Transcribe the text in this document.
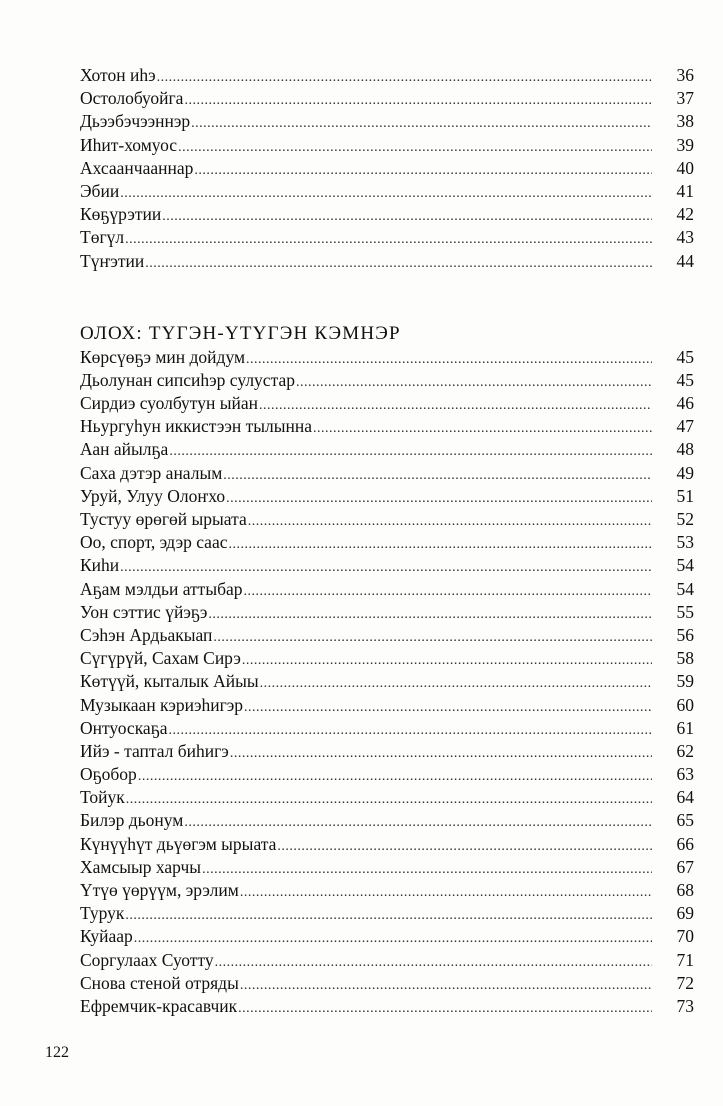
Хотон иһэ .....	36
Остолобуойга .....	37
Дьээбэчээннэр .....	38
Иһит-хомуос .....	39
Ахсаанчааннар .....	40
Эбии .....	41
Көҕүрэтии .....	42
Төгүл .....	43
Түҥэтии .....	44
ОЛОХ: ТҮГЭН-ҮТҮГЭН КЭМНЭР
Көрсүөҕэ мин дойдум .....	45
Дьолунан сипсиһэр сулустар .....	45
Сирдиэ суолбутун ыйан .....	46
Ньургуһун иккистээн тылынна .....	47
Аан айылҕа .....	48
Саха дэтэр аналым .....	49
Уруй, Улуу Олоҥхо .....	51
Тустуу өрөгөй ырыата .....	52
Оо, спорт, эдэр саас .....	53
Киһи .....	54
Аҕам мэлдьи аттыбар .....	54
Уон сэттис үйэҕэ .....	55
Сэһэн Ардьакыап .....	56
Сүгүрүй, Сахам Сирэ .....	58
Көтүүй, кыталык Айыы .....	59
Музыкаан кэриэһигэр .....	60
Онтуоскаҕа .....	61
Ийэ - таптал биһигэ .....	62
Оҕобор .....	63
Тойук .....	64
Билэр дьонум .....	65
Күнүүһүт дьүөгэм ырыата .....	66
Хамсыыр харчы .....	67
Үтүө үөрүүм, эрэлим .....	68
Турук .....	69
Куйаар .....	70
Соргулаах Суотту .....	71
Снова стеной отряды .....	72
Ефремчик-красавчик .....	73
122
